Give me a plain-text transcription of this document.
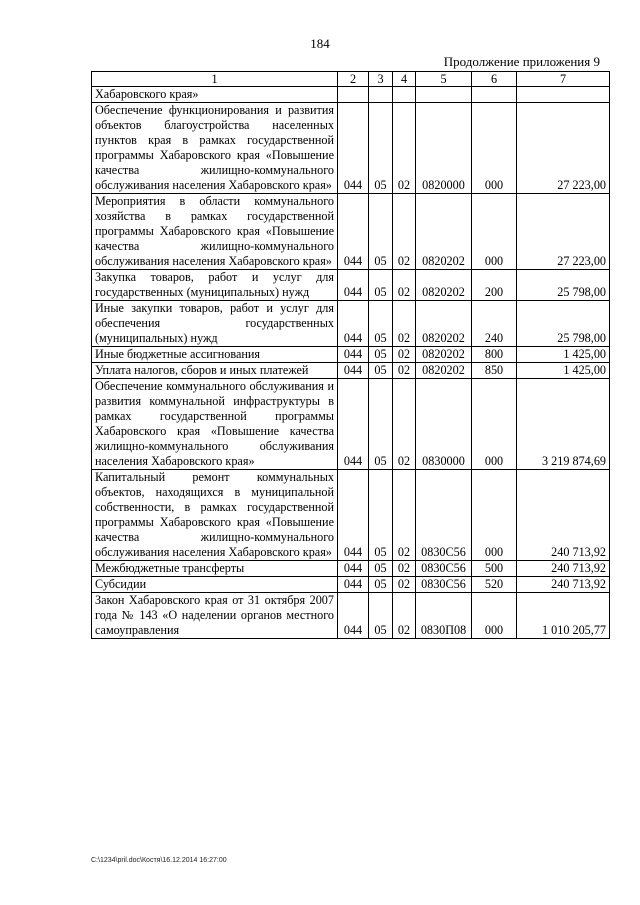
184
Продолжение приложения 9
1	2	3	4	5	6	7
Хабаровского края»						
Обеспечение функционирования и развития объектов благоустройства населенных пунктов края в рамках государственной программы Хабаровского края «Повышение качества жилищно-коммунального обслуживания населения Хабаровского края»	044	05	02	0820000	000	27 223,00
Мероприятия в области коммунального хозяйства в рамках государственной программы Хабаровского края «Повышение качества жилищно-коммунального обслуживания населения Хабаровского края»	044	05	02	0820202	000	27 223,00
Закупка товаров, работ и услуг для государственных (муниципальных) нужд	044	05	02	0820202	200	25 798,00
Иные закупки товаров, работ и услуг для обеспечения государственных (муниципальных) нужд	044	05	02	0820202	240	25 798,00
Иные бюджетные ассигнования	044	05	02	0820202	800	1 425,00
Уплата налогов, сборов и иных платежей	044	05	02	0820202	850	1 425,00
Обеспечение коммунального обслуживания и развития коммунальной инфраструктуры в рамках государственной программы Хабаровского края «Повышение качества жилищно-коммунального обслуживания населения Хабаровского края»	044	05	02	0830000	000	3 219 874,69
Капитальный ремонт коммунальных объектов, находящихся в муниципальной собственности, в рамках государственной программы Хабаровского края «Повышение качества жилищно-коммунального обслуживания населения Хабаровского края»	044	05	02	0830С56	000	240 713,92
Межбюджетные трансферты	044	05	02	0830С56	500	240 713,92
Субсидии	044	05	02	0830С56	520	240 713,92
Закон Хабаровского края от 31 октября 2007 года № 143 «О наделении органов местного самоуправления	044	05	02	0830П08	000	1 010 205,77
C:\1234\pril.doc\Костя\16.12.2014 16:27:00
